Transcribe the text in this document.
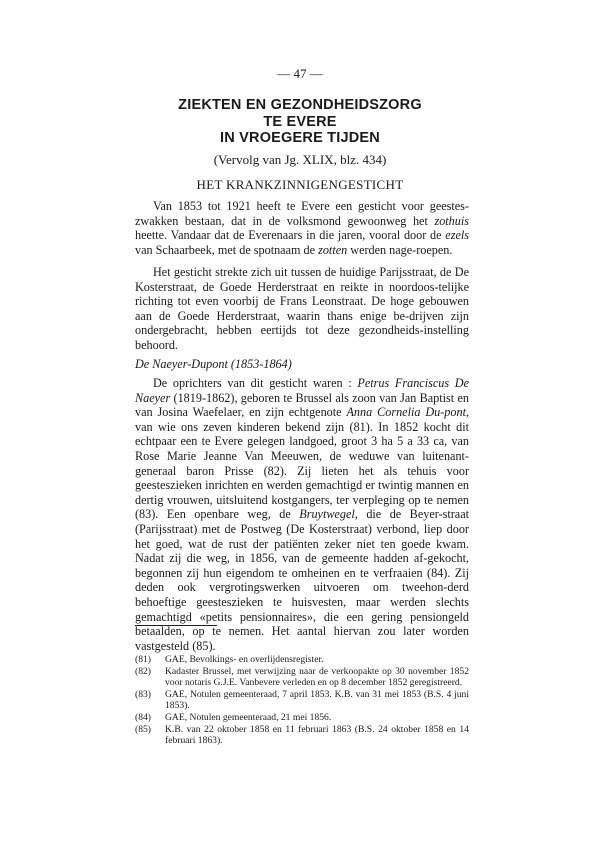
— 47 —
ZIEKTEN EN GEZONDHEIDSZORG
TE EVERE
IN VROEGERE TIJDEN
(Vervolg van Jg. XLIX, blz. 434)
HET KRANKZINNIGENGESTICHT

Van 1853 tot 1921 heeft te Evere een gesticht voor geestes-zwakken bestaan, dat in de volksmond gewoonweg het zothuis heette. Vandaar dat de Everenaars in die jaren, vooral door de ezels van Schaarbeek, met de spotnaam de zotten werden nage-roepen.

Het gesticht strekte zich uit tussen de huidige Parijsstraat, de De Kosterstraat, de Goede Herderstraat en reikte in noordoos-telijke richting tot even voorbij de Frans Leonstraat. De hoge gebouwen aan de Goede Herderstraat, waarin thans enige be-drijven zijn ondergebracht, hebben eertijds tot deze gezondheids-instelling behoord.

De Naeyer-Dupont (1853-1864)

De oprichters van dit gesticht waren : Petrus Franciscus De Naeyer (1819-1862), geboren te Brussel als zoon van Jan Baptist en van Josina Waefelaer, en zijn echtgenote Anna Cornelia Du-pont, van wie ons zeven kinderen bekend zijn (81). In 1852 kocht dit echtpaar een te Evere gelegen landgoed, groot 3 ha 5 a 33 ca, van Rose Marie Jeanne Van Meeuwen, de weduwe van luitenant-generaal baron Prisse (82). Zij lieten het als tehuis voor geesteszieken inrichten en werden gemachtigd er twintig mannen en dertig vrouwen, uitsluitend kostgangers, ter verpleging op te nemen (83). Een openbare weg, de Bruytwegel, die de Beyer-straat (Parijsstraat) met de Postweg (De Kosterstraat) verbond, liep door het goed, wat de rust der patiënten zeker niet ten goede kwam. Nadat zij die weg, in 1856, van de gemeente hadden af-gekocht, begonnen zij hun eigendom te omheinen en te verfraaien (84). Zij deden ook vergrotingswerken uitvoeren om tweehon-derd behoeftige geesteszieken te huisvesten, maar werden slechts gemachtigd «petits pensionnaires», die een gering pensiongeld betaalden, op te nemen. Het aantal hiervan zou later worden vastgesteld (85).

(81)	GAE, Bevolkings- en overlijdensregister.
(82)	Kadaster Brussel, met verwijzing naar de verkoopakte op 30 november 1852 voor notaris G.J.E. Vanbevere verleden en op 8 december 1852 geregistreerd.
(83)	GAE, Notulen gemeenteraad, 7 april 1853. K.B. van 31 mei 1853 (B.S. 4 juni 1853).
(84)	GAE, Notulen gemeenteraad, 21 mei 1856.
(85)	K.B. van 22 oktober 1858 en 11 februari 1863 (B.S. 24 oktober 1858 en 14 februari 1863).
